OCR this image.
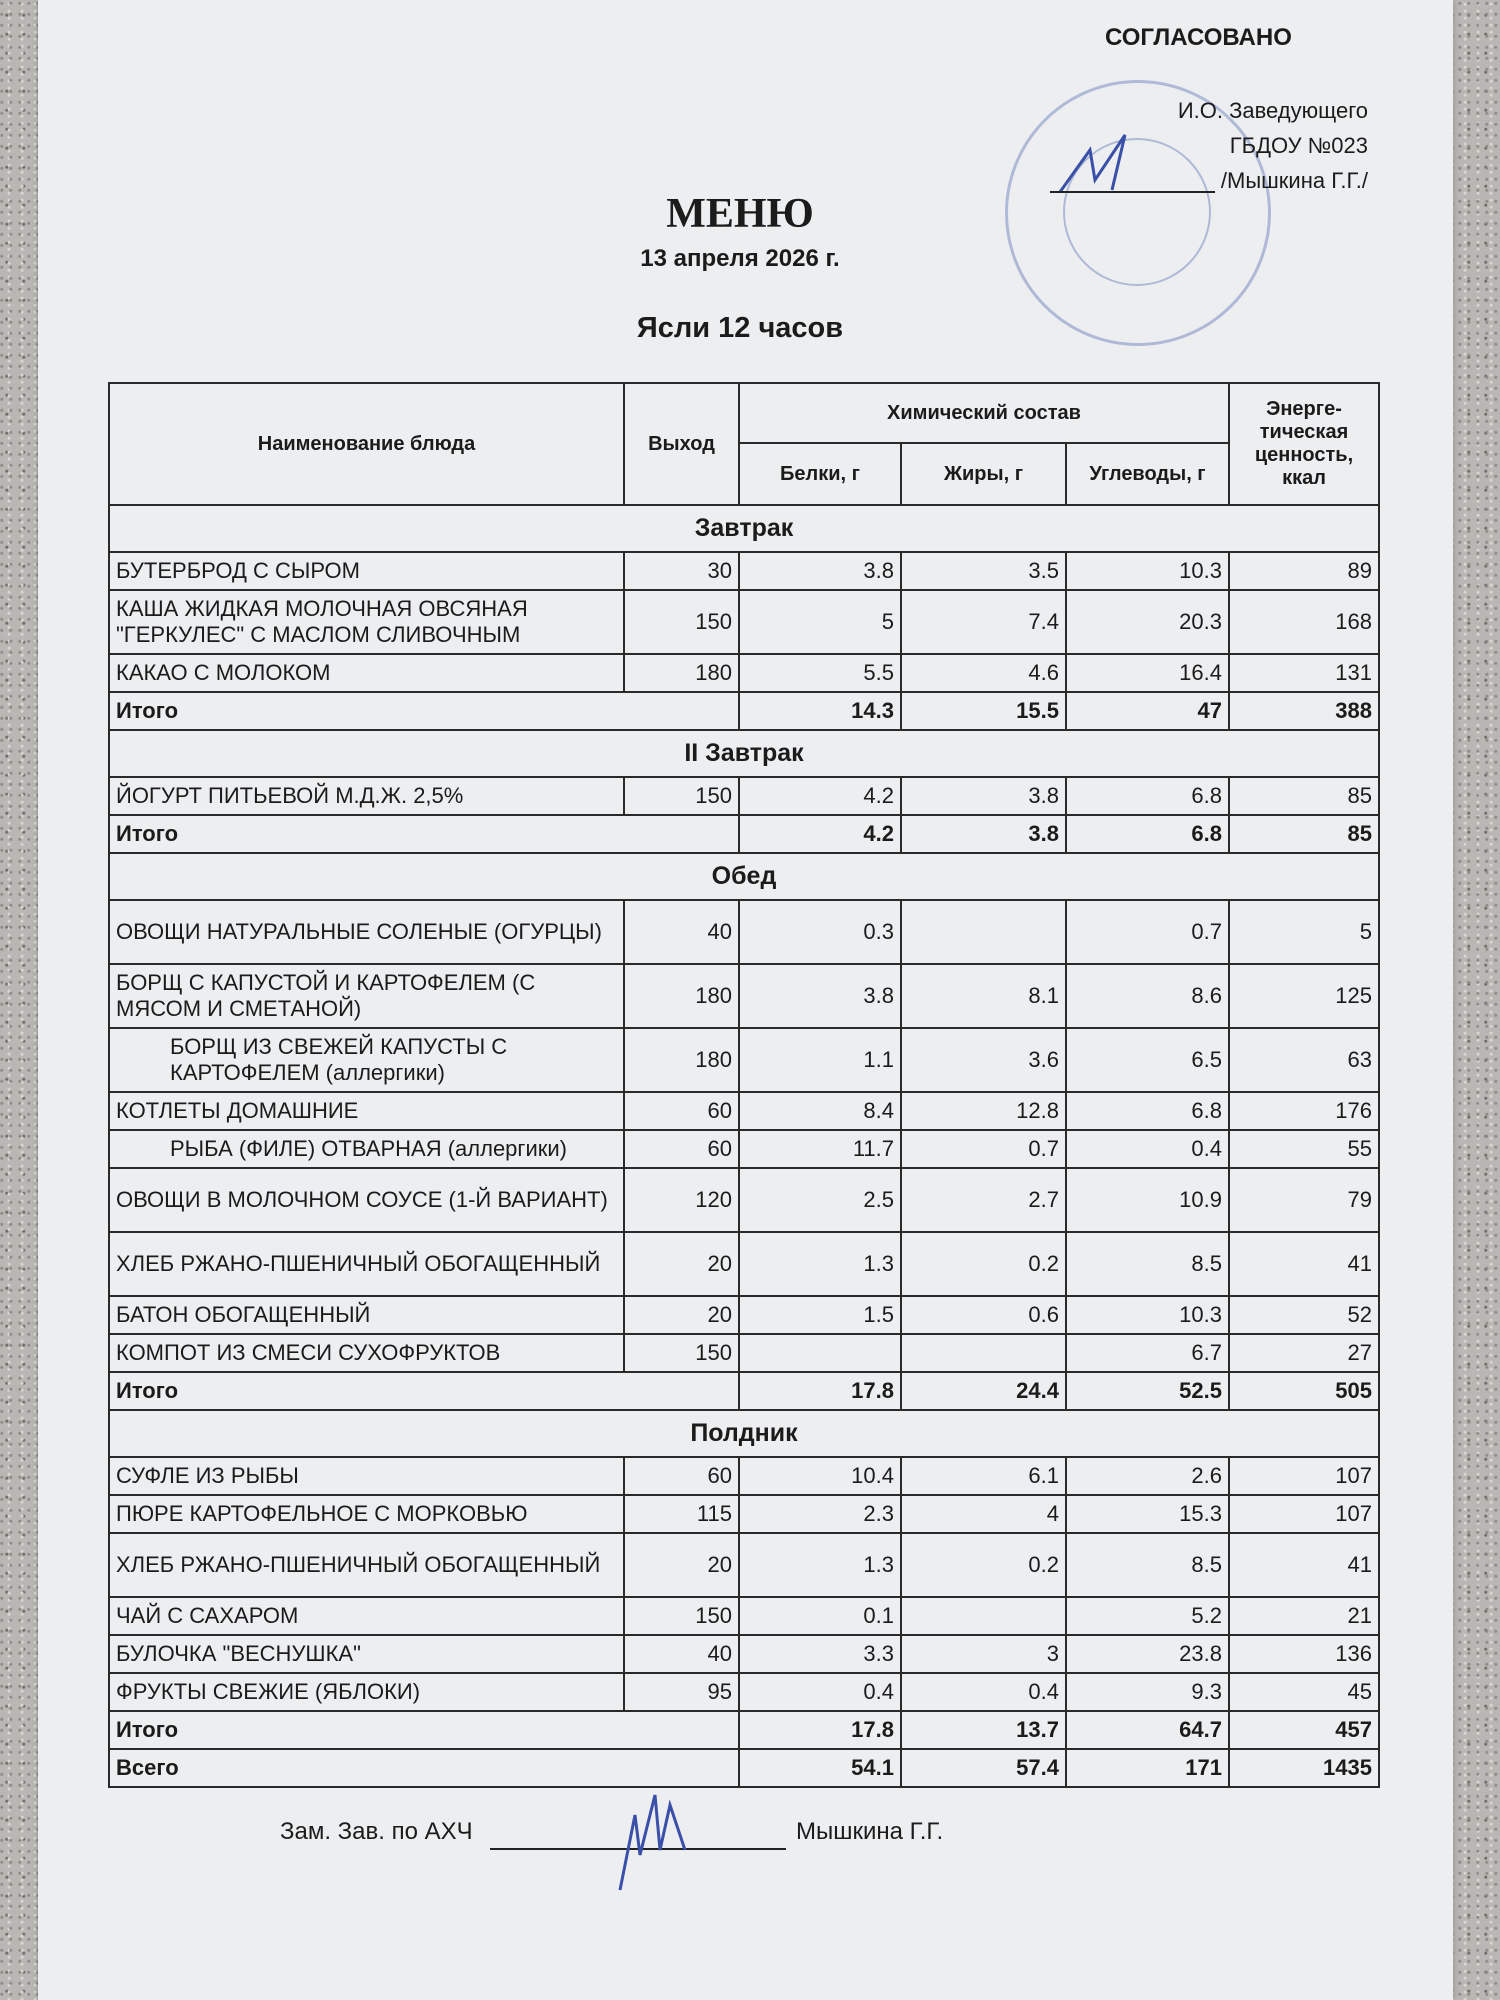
СОГЛАСОВАНО
И.О. Заведующего
ГБДОУ №023
/Мышкина Г.Г./
МЕНЮ
13 апреля 2026 г.
Ясли 12 часов
Наименование блюда	Выход	Химический состав			Энерге-тическая ценность, ккал
		Белки, г	Жиры, г	Углеводы, г	
Завтрак					
БУТЕРБРОД С СЫРОМ	30	3.8	3.5	10.3	89
КАША ЖИДКАЯ МОЛОЧНАЯ ОВСЯНАЯ "ГЕРКУЛЕС" С МАСЛОМ СЛИВОЧНЫМ	150	5	7.4	20.3	168
КАКАО С МОЛОКОМ	180	5.5	4.6	16.4	131
Итого		14.3	15.5	47	388
II Завтрак					
ЙОГУРТ ПИТЬЕВОЙ М.Д.Ж. 2,5%	150	4.2	3.8	6.8	85
Итого		4.2	3.8	6.8	85
Обед					
ОВОЩИ НАТУРАЛЬНЫЕ СОЛЕНЫЕ (ОГУРЦЫ)	40	0.3		0.7	5
БОРЩ С КАПУСТОЙ И КАРТОФЕЛЕМ (С МЯСОМ И СМЕТАНОЙ)	180	3.8	8.1	8.6	125
БОРЩ ИЗ СВЕЖЕЙ КАПУСТЫ С КАРТОФЕЛЕМ (аллергики)	180	1.1	3.6	6.5	63
КОТЛЕТЫ ДОМАШНИЕ	60	8.4	12.8	6.8	176
РЫБА (ФИЛЕ) ОТВАРНАЯ (аллергики)	60	11.7	0.7	0.4	55
ОВОЩИ В МОЛОЧНОМ СОУСЕ (1-Й ВАРИАНТ)	120	2.5	2.7	10.9	79
ХЛЕБ РЖАНО-ПШЕНИЧНЫЙ ОБОГАЩЕННЫЙ	20	1.3	0.2	8.5	41
БАТОН ОБОГАЩЕННЫЙ	20	1.5	0.6	10.3	52
КОМПОТ ИЗ СМЕСИ СУХОФРУКТОВ	150			6.7	27
Итого		17.8	24.4	52.5	505
Полдник					
СУФЛЕ ИЗ РЫБЫ	60	10.4	6.1	2.6	107
ПЮРЕ КАРТОФЕЛЬНОЕ С МОРКОВЬЮ	115	2.3	4	15.3	107
ХЛЕБ РЖАНО-ПШЕНИЧНЫЙ ОБОГАЩЕННЫЙ	20	1.3	0.2	8.5	41
ЧАЙ С САХАРОМ	150	0.1		5.2	21
БУЛОЧКА "ВЕСНУШКА"	40	3.3	3	23.8	136
ФРУКТЫ СВЕЖИЕ (ЯБЛОКИ)	95	0.4	0.4	9.3	45
Итого		17.8	13.7	64.7	457
Всего		54.1	57.4	171	1435
Зам. Зав. по АХЧ	Мышкина Г.Г.
